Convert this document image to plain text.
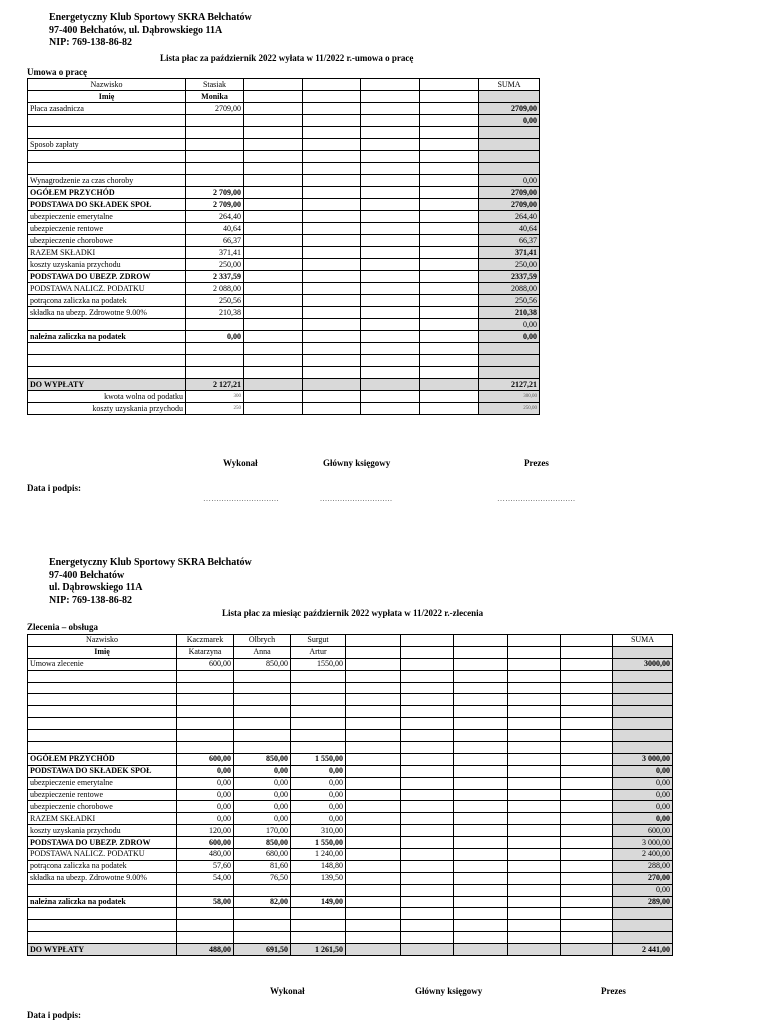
Energetyczny Klub Sportowy SKRA Bełchatów
97-400 Bełchatów, ul. Dąbrowskiego 11A
NIP: 769-138-86-82
Lista płac za październik 2022 wyłata w 11/2022 r.-umowa o pracę
Umowa o pracę
Nazwisko	Stasiak					SUMA
Imię	Monika					
Płaca zasadnicza	2709,00					2709,00
						0,00

Sposob zapłaty						

Wynagrodzenie za czas choroby						0,00
OGÓŁEM PRZYCHÓD	2 709,00					2709,00
PODSTAWA DO SKŁADEK SPOŁ	2 709,00					2709,00
ubezpieczenie emerytalne	264,40					264,40
ubezpieczenie rentowe	40,64					40,64
ubezpieczenie chorobowe	66,37					66,37
RAZEM SKŁADKI	371,41					371,41
koszty uzyskania przychodu	250,00					250,00
PODSTAWA DO UBEZP. ZDROW	2 337,59					2337,59
PODSTAWA NALICZ. PODATKU	2 088,00					2088,00
potrącona zaliczka na podatek	250,56					250,56
składka na ubezp. Zdrowotne 9.00%	210,38					210,38
						0,00
należna zaliczka na podatek	0,00					0,00

DO WYPŁATY	2 127,21					2127,21
kwota wolna od podatku	300					300,00
koszty uzyskania przychodu	250					250,00
Wykonał	Główny księgowy	Prezes
Data i podpis:
…...........................	.............................	…............................
Energetyczny Klub Sportowy SKRA Bełchatów
97-400 Bełchatów
ul. Dąbrowskiego 11A
NIP: 769-138-86-82
Lista płac za miesiąc październik 2022 wypłata w 11/2022 r.-zlecenia
Zlecenia – obsługa
Nazwisko	Kaczmarek	Olbrych	Surgut						SUMA
Imię	Katarzyna	Anna	Artur						
Umowa zlecenie	600,00	850,00	1550,00						3000,00

OGÓŁEM PRZYCHÓD	600,00	850,00	1 550,00						3 000,00
PODSTAWA DO SKŁADEK SPOŁ	0,00	0,00	0,00						0,00
ubezpieczenie emerytalne	0,00	0,00	0,00						0,00
ubezpieczenie rentowe	0,00	0,00	0,00						0,00
ubezpieczenie chorobowe	0,00	0,00	0,00						0,00
RAZEM SKŁADKI	0,00	0,00	0,00						0,00
koszty uzyskania przychodu	120,00	170,00	310,00						600,00
PODSTAWA DO UBEZP. ZDROW	600,00	850,00	1 550,00						3 000,00
PODSTAWA NALICZ. PODATKU	480,00	680,00	1 240,00						2 400,00
potrącona zaliczka na podatek	57,60	81,60	148,80						288,00
składka na ubezp. Zdrowotne 9.00%	54,00	76,50	139,50						270,00
									0,00
należna zaliczka na podatek	58,00	82,00	149,00						289,00

DO WYPŁATY	488,00	691,50	1 261,50						2 441,00
Wykonał	Główny księgowy	Prezes
Data i podpis:
